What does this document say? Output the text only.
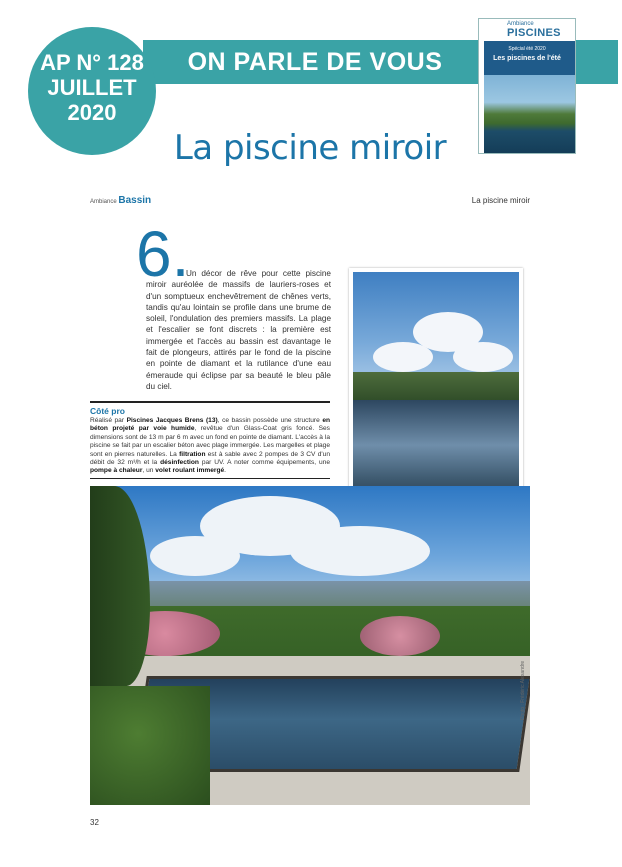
ON PARLE DE VOUS
AP N° 128
JUILLET
2020
Ambiance
PISCINES
Spécial été 2020
Les piscines de l'été
La piscine miroir
Ambiance Bassin	La piscine miroir
6.
Un décor de rêve pour cette piscine miroir auréolée de massifs de lauriers-roses et d'un somptueux enchevêtrement de chênes verts, tandis qu'au lointain se profile dans une brume de soleil, l'ondulation des premiers massifs. La plage et l'escalier se font discrets : la première est immergée et l'accès au bassin est davantage le fait de plongeurs, attirés par le fond de la piscine en pointe de diamant et la rutilance d'une eau émeraude qui éclipse par sa beauté le bleu pâle du ciel.
Côté pro
Réalisé par Piscines Jacques Brens (13), ce bassin possède une structure en béton projeté par voie humide, revêtue d'un Glass-Coat gris foncé. Ses dimensions sont de 13 m par 6 m avec un fond en pointe de diamant. L'accès à la piscine se fait par un escalier béton avec plage immergée. Les margelles et plage sont en pierres naturelles. La filtration est à sable avec 2 pompes de 3 CV d'un débit de 32 m³/h et la désinfection par UV. A noter comme équipements, une pompe à chaleur, un volet roulant immergé.
Photo : Frédéric Alexandre
32
